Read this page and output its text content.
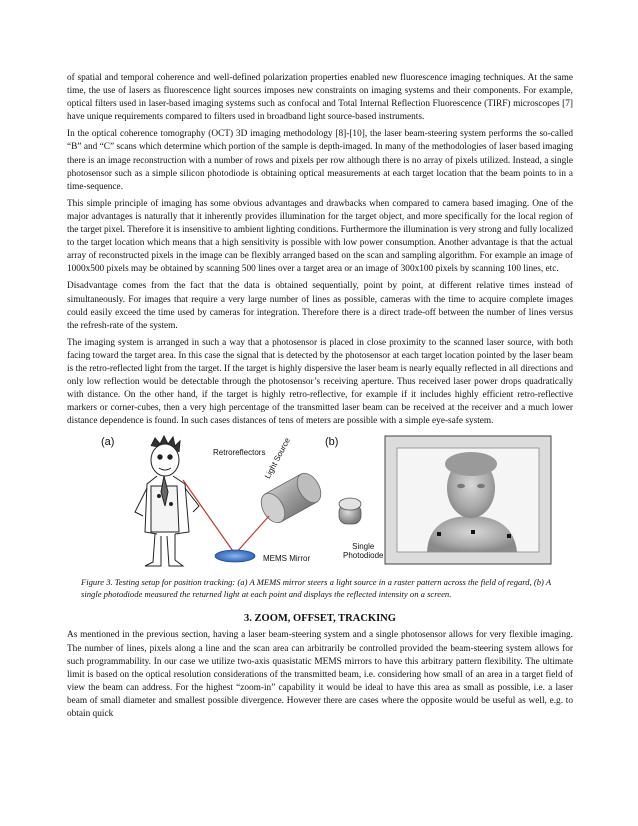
of spatial and temporal coherence and well-defined polarization properties enabled new fluorescence imaging techniques. At the same time, the use of lasers as fluorescence light sources imposes new constraints on imaging systems and their components. For example, optical filters used in laser-based imaging systems such as confocal and Total Internal Reflection Fluorescence (TIRF) microscopes [7] have unique requirements compared to filters used in broadband light source-based instruments.

In the optical coherence tomography (OCT) 3D imaging methodology [8]-[10], the laser beam-steering system performs the so-called “B” and “C” scans which determine which portion of the sample is depth-imaged. In many of the methodologies of laser based imaging there is an image reconstruction with a number of rows and pixels per row although there is no array of pixels utilized. Instead, a single photosensor such as a simple silicon photodiode is obtaining optical measurements at each target location that the beam points to in a time-sequence.

This simple principle of imaging has some obvious advantages and drawbacks when compared to camera based imaging. One of the major advantages is naturally that it inherently provides illumination for the target object, and more specifically for the local region of the target pixel. Therefore it is insensitive to ambient lighting conditions. Furthermore the illumination is very strong and fully localized to the target location which means that a high sensitivity is possible with low power consumption. Another advantage is that the actual array of reconstructed pixels in the image can be flexibly arranged based on the scan and sampling algorithm. For example an image of 1000x500 pixels may be obtained by scanning 500 lines over a target area or an image of 300x100 pixels by scanning 100 lines, etc.

Disadvantage comes from the fact that the data is obtained sequentially, point by point, at different relative times instead of simultaneously. For images that require a very large number of lines as possible, cameras with the time to acquire complete images could easily exceed the time used by cameras for integration. Therefore there is a direct trade-off between the number of lines versus the refresh-rate of the system.

The imaging system is arranged in such a way that a photosensor is placed in close proximity to the scanned laser source, with both facing toward the target area. In this case the signal that is detected by the photosensor at each target location pointed by the laser beam is the retro-reflected light from the target. If the target is highly dispersive the laser beam is nearly equally reflected in all directions and only low reflection would be detectable through the photosensor’s receiving aperture. Thus received laser power drops quadratically with distance. On the other hand, if the target is highly retro-reflective, for example if it includes highly efficient retro-reflective markers or corner-cubes, then a very high percentage of the transmitted laser beam can be received at the receiver and a much lower distance dependence is found. In such cases distances of tens of meters are possible with a simple eye-safe system.

(a)	(b)
Retroreflectors
Light Source
MEMS Mirror
Single
Photodiode

Figure 3. Testing setup for position tracking: (a) A MEMS mirror steers a light source in a raster pattern across the field of regard, (b) A single photodiode measured the returned light at each point and displays the reflected intensity on a screen.

3. ZOOM, OFFSET, TRACKING

As mentioned in the previous section, having a laser beam-steering system and a single photosensor allows for very flexible imaging. The number of lines, pixels along a line and the scan area can arbitrarily be controlled provided the beam-steering system allows for such programmability. In our case we utilize two-axis quasistatic MEMS mirrors to have this arbitrary pattern flexibility. The ultimate limit is based on the optical resolution considerations of the transmitted beam, i.e. considering how small of an area in a target field of view the beam can address. For the highest “zoom-in” capability it would be ideal to have this area as small as possible, i.e. a laser beam of small diameter and smallest possible divergence. However there are cases where the opposite would be useful as well, e.g. to obtain quick
